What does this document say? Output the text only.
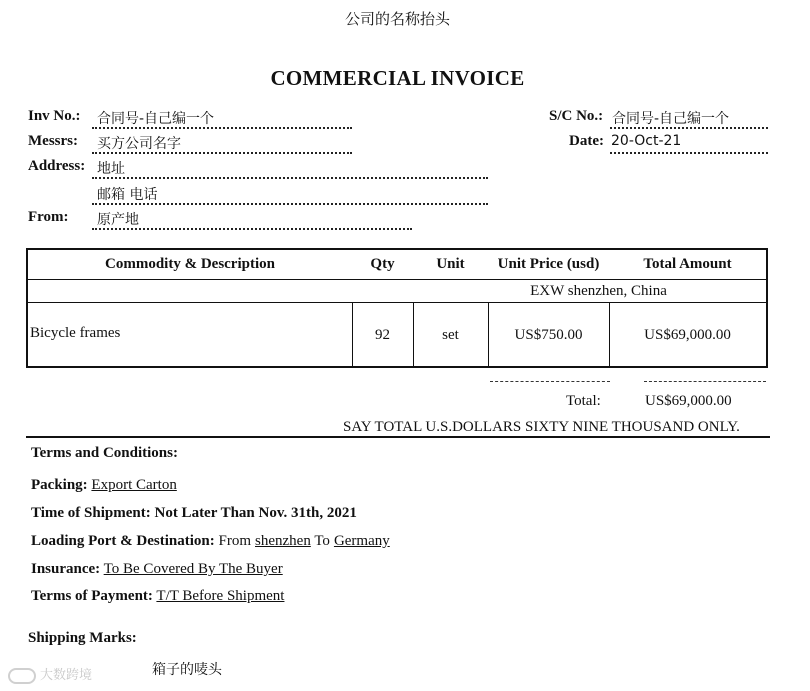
公司的名称抬头
COMMERCIAL INVOICE
Inv No.: 合同号-自己编一个	S/C No.: 合同号-自己编一个
Messrs: 买方公司名字	Date: 20-Oct-21
Address: 地址
邮箱 电话
From: 原产地
Commodity & Description	Qty	Unit	Unit Price (usd)	Total Amount
EXW shenzhen, China
Bicycle frames	92	set	US$750.00	US$69,000.00
Total:	US$69,000.00
SAY TOTAL U.S.DOLLARS SIXTY NINE THOUSAND ONLY.
Terms and Conditions:
Packing: Export Carton
Time of Shipment: Not Later Than Nov. 31th, 2021
Loading Port & Destination: From shenzhen To Germany
Insurance: To Be Covered By The Buyer
Terms of Payment: T/T Before Shipment
Shipping Marks:
箱子的唛头
大数跨境
